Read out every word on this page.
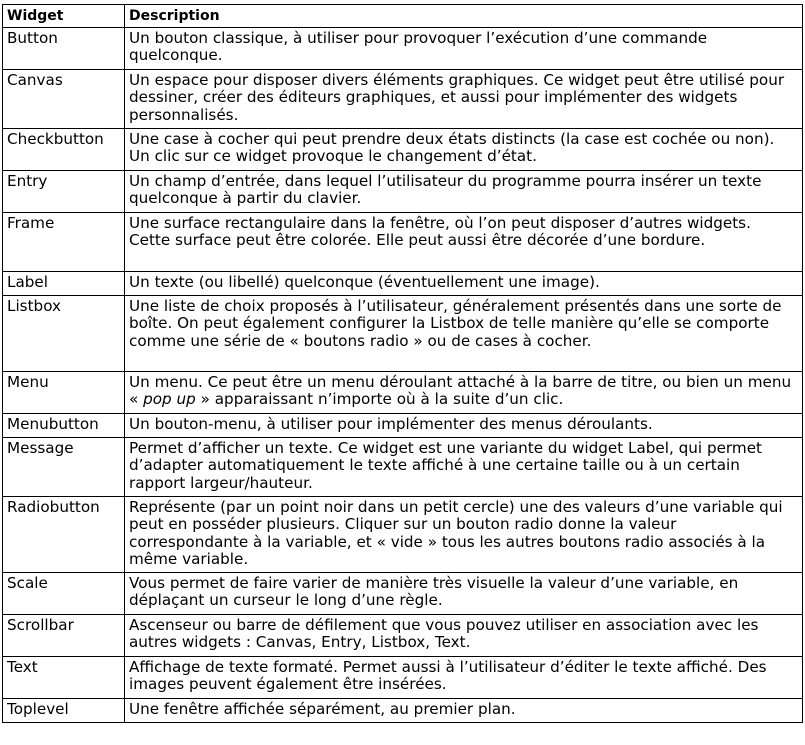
Widget	Description
Button	Un bouton classique, à utiliser pour provoquer l’exécution d’une commande quelconque.
Canvas	Un espace pour disposer divers éléments graphiques. Ce widget peut être utilisé pour dessiner, créer des éditeurs graphiques, et aussi pour implémenter des widgets personnalisés.
Checkbutton	Une case à cocher qui peut prendre deux états distincts (la case est cochée ou non). Un clic sur ce widget provoque le changement d’état.
Entry	Un champ d’entrée, dans lequel l’utilisateur du programme pourra insérer un texte quelconque à partir du clavier.
Frame	Une surface rectangulaire dans la fenêtre, où l’on peut disposer d’autres widgets. Cette surface peut être colorée. Elle peut aussi être décorée d’une bordure.
Label	Un texte (ou libellé) quelconque (éventuellement une image).
Listbox	Une liste de choix proposés à l’utilisateur, généralement présentés dans une sorte de boîte. On peut également configurer la Listbox de telle manière qu’elle se comporte comme une série de « boutons radio » ou de cases à cocher.
Menu	Un menu. Ce peut être un menu déroulant attaché à la barre de titre, ou bien un menu « pop up » apparaissant n’importe où à la suite d’un clic.
Menubutton	Un bouton-menu, à utiliser pour implémenter des menus déroulants.
Message	Permet d’afficher un texte. Ce widget est une variante du widget Label, qui permet d’adapter automatiquement le texte affiché à une certaine taille ou à un certain rapport largeur/hauteur.
Radiobutton	Représente (par un point noir dans un petit cercle) une des valeurs d’une variable qui peut en posséder plusieurs. Cliquer sur un bouton radio donne la valeur correspondante à la variable, et « vide » tous les autres boutons radio associés à la même variable.
Scale	Vous permet de faire varier de manière très visuelle la valeur d’une variable, en déplaçant un curseur le long d’une règle.
Scrollbar	Ascenseur ou barre de défilement que vous pouvez utiliser en association avec les autres widgets : Canvas, Entry, Listbox, Text.
Text	Affichage de texte formaté. Permet aussi à l’utilisateur d’éditer le texte affiché. Des images peuvent également être insérées.
Toplevel	Une fenêtre affichée séparément, au premier plan.
